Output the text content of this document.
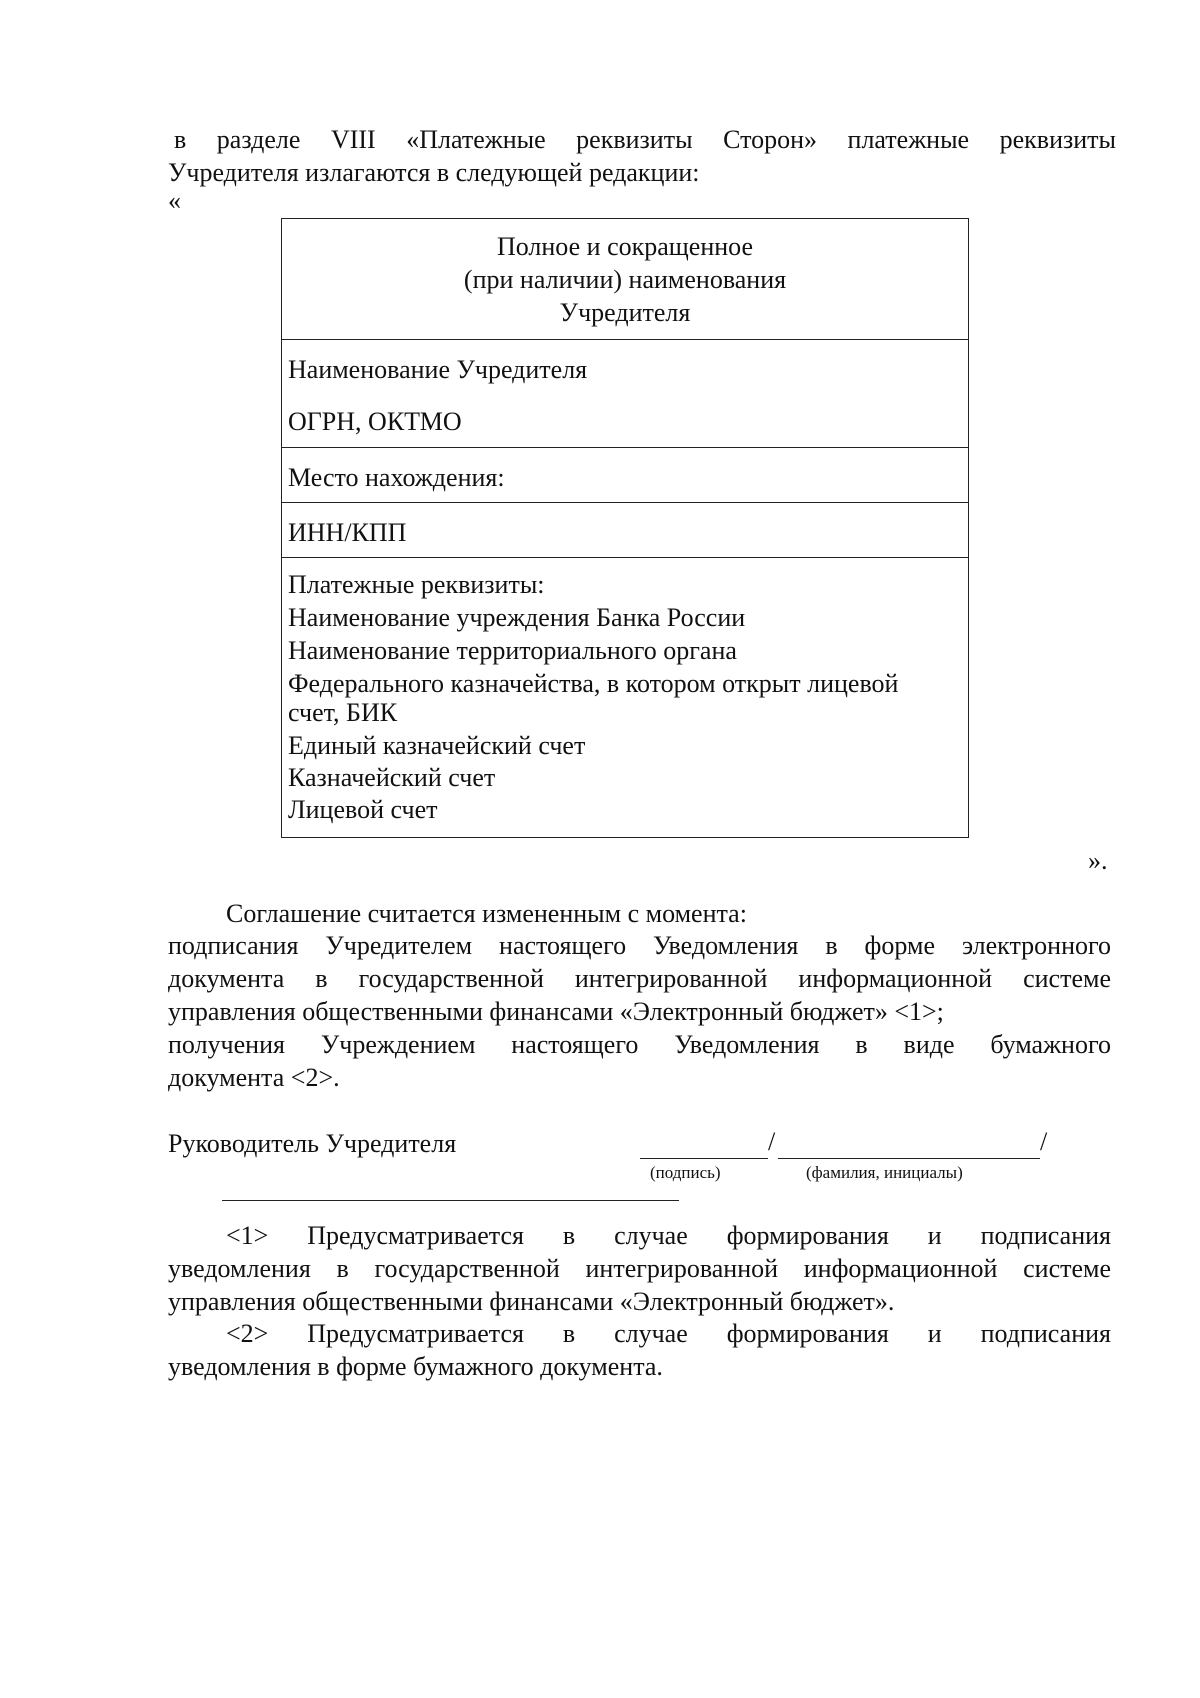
в разделе VIII «Платежные реквизиты Сторон» платежные реквизиты
Учредителя излагаются в следующей редакции:
«
Полное и сокращенное
(при наличии) наименования
Учредителя
Наименование Учредителя
ОГРН, ОКТМО
Место нахождения:
ИНН/КПП
Платежные реквизиты:
Наименование учреждения Банка России
Наименование территориального органа
Федерального казначейства, в котором открыт лицевой
счет, БИК
Единый казначейский счет
Казначейский счет
Лицевой счет
».
Соглашение считается измененным с момента:
подписания Учредителем настоящего Уведомления в форме электронного
документа в государственной интегрированной информационной системе
управления общественными финансами «Электронный бюджет» <1>;
получения Учреждением настоящего Уведомления в виде бумажного
документа <2>.
Руководитель Учредителя	/	/
(подпись)	(фамилия, инициалы)
<1> Предусматривается в случае формирования и подписания
уведомления в государственной интегрированной информационной системе
управления общественными финансами «Электронный бюджет».
<2> Предусматривается в случае формирования и подписания
уведомления в форме бумажного документа.
